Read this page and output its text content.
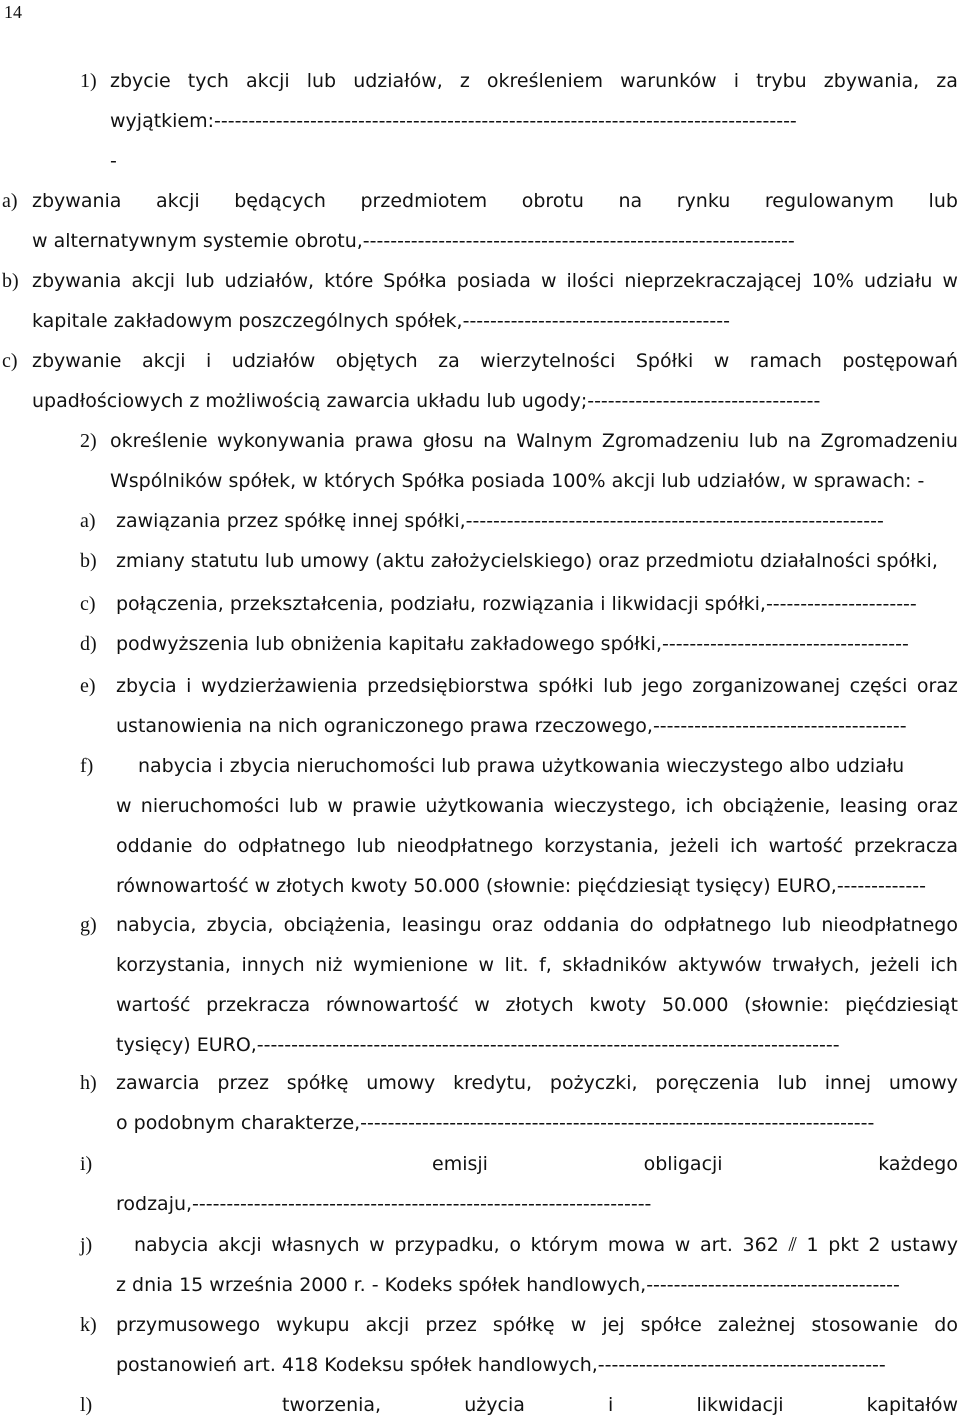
14
1) zbycie tych akcji lub udziałów, z określeniem warunków i trybu zbywania, za
wyjątkiem:-------------------------------------------------------------------------------------
-
a) zbywania akcji będących przedmiotem obrotu na rynku regulowanym lub
w alternatywnym systemie obrotu,---------------------------------------------------------------
b) zbywania akcji lub udziałów, które Spółka posiada w ilości nieprzekraczającej 10% udziału w
kapitale zakładowym poszczególnych spółek,---------------------------------------
c) zbywanie akcji i udziałów objętych za wierzytelności Spółki w ramach postępowań
upadłościowych z możliwością zawarcia układu lub ugody;----------------------------------
2) określenie wykonywania prawa głosu na Walnym Zgromadzeniu lub na Zgromadzeniu
Wspólników spółek, w których Spółka posiada 100% akcji lub udziałów, w sprawach: -
a) zawiązania przez spółkę innej spółki,-------------------------------------------------------------
b) zmiany statutu lub umowy (aktu założycielskiego) oraz przedmiotu działalności spółki,
c) połączenia, przekształcenia, podziału, rozwiązania i likwidacji spółki,----------------------
d) podwyższenia lub obniżenia kapitału zakładowego spółki,------------------------------------
e) zbycia i wydzierżawienia przedsiębiorstwa spółki lub jego zorganizowanej części oraz
ustanowienia na nich ograniczonego prawa rzeczowego,-------------------------------------
f) nabycia i zbycia nieruchomości lub prawa użytkowania wieczystego albo udziału
w nieruchomości lub w prawie użytkowania wieczystego, ich obciążenie, leasing oraz
oddanie do odpłatnego lub nieodpłatnego korzystania, jeżeli ich wartość przekracza
równowartość w złotych kwoty 50.000 (słownie: pięćdziesiąt tysięcy) EURO,-------------
g) nabycia, zbycia, obciążenia, leasingu oraz oddania do odpłatnego lub nieodpłatnego
korzystania, innych niż wymienione w lit. f, składników aktywów trwałych, jeżeli ich
wartość przekracza równowartość w złotych kwoty 50.000 (słownie: pięćdziesiąt
tysięcy) EURO,-------------------------------------------------------------------------------------
h) zawarcia przez spółkę umowy kredytu, pożyczki, poręczenia lub innej umowy
o podobnym charakterze,---------------------------------------------------------------------------
i)	emisji	obligacji	każdego
rodzaju,-------------------------------------------------------------------
j) nabycia akcji własnych w przypadku, o którym mowa w art. 362 ⫽ 1 pkt 2 ustawy
z dnia 15 września 2000 r. - Kodeks spółek handlowych,-------------------------------------
k) przymusowego wykupu akcji przez spółkę w jej spółce zależnej stosowanie do
postanowień art. 418 Kodeksu spółek handlowych,------------------------------------------
l)	tworzenia,	użycia	i	likwidacji	kapitałów
